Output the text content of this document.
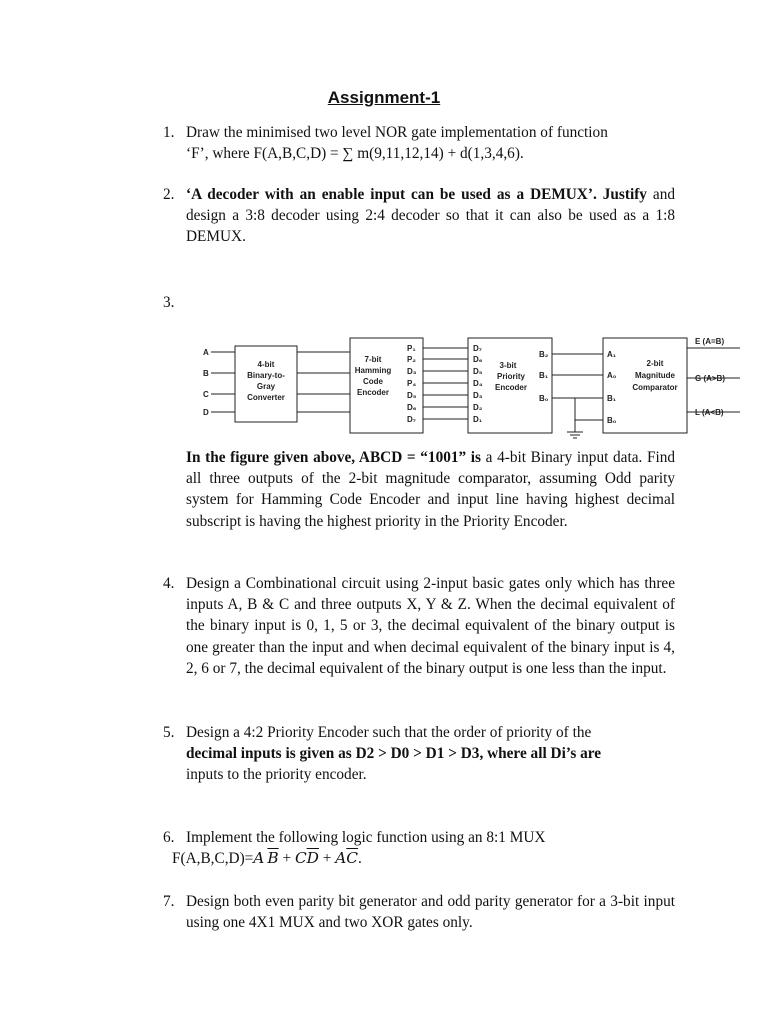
Assignment-1
1. Draw the minimised two level NOR gate implementation of function
‘F’, where F(A,B,C,D) = ∑ m(9,11,12,14) + d(1,3,4,6).
2. ‘A decoder with an enable input can be used as a DEMUX’. Justify and design a 3:8 decoder using 2:4 decoder so that it can also be used as a 1:8 DEMUX.
3.
A
B
C
D
4-bit
Binary-to-
Gray
Converter
7-bit
Hamming
Code
Encoder
P₁
P₂
D₃
P₄
D₅
D₆
D₇
D₇
D₆
D₅
D₄
D₃
D₂
D₁
3-bit
Priority
Encoder
B₂
B₁
B₀
A₁
A₀
B₁
B₀
2-bit
Magnitude
Comparator
E (A=B)
G (A>B)
L (A<B)
In the figure given above, ABCD = “1001” is a 4-bit Binary input data. Find all three outputs of the 2-bit magnitude comparator, assuming Odd parity system for Hamming Code Encoder and input line having highest decimal subscript is having the highest priority in the Priority Encoder.
4. Design a Combinational circuit using 2-input basic gates only which has three inputs A, B & C and three outputs X, Y & Z. When the decimal equivalent of the binary input is 0, 1, 5 or 3, the decimal equivalent of the binary output is one greater than the input and when decimal equivalent of the binary input is 4, 2, 6 or 7, the decimal equivalent of the binary output is one less than the input.
5. Design a 4:2 Priority Encoder such that the order of priority of the
decimal inputs is given as D2 > D0 > D1 > D3, where all Di’s are
inputs to the priority encoder.
6. Implement the following logic function using an 8:1 MUX
F(A,B,C,D)=A  $\overline{B} + C\overline{D} + A\overline{C}$.
7. Design both even parity bit generator and odd parity generator for a 3-bit input using one 4X1 MUX and two XOR gates only.
